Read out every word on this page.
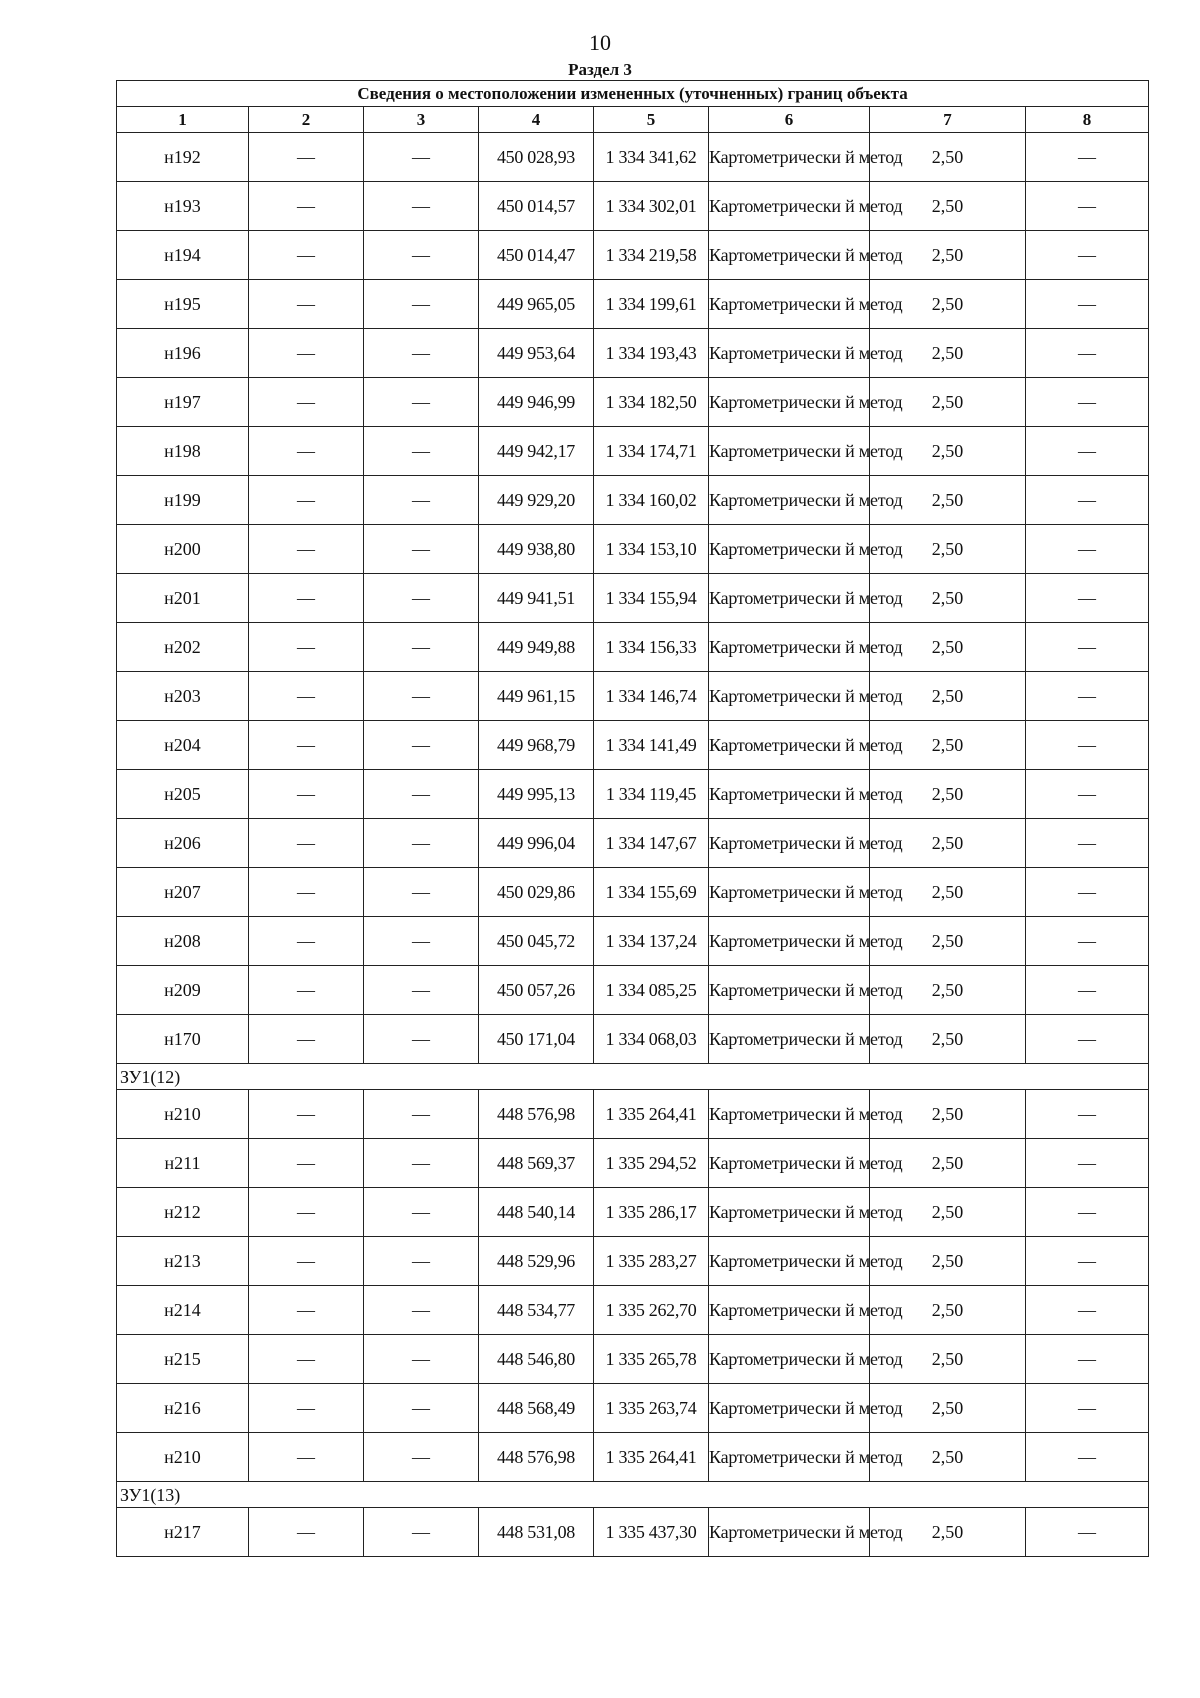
10
Раздел 3
Сведения о местоположении измененных (уточненных) границ объекта							
1	2	3	4	5	6	7	8
н192	—	—	450 028,93	1 334 341,62	Картометрически й метод	2,50	—
н193	—	—	450 014,57	1 334 302,01	Картометрически й метод	2,50	—
н194	—	—	450 014,47	1 334 219,58	Картометрически й метод	2,50	—
н195	—	—	449 965,05	1 334 199,61	Картометрически й метод	2,50	—
н196	—	—	449 953,64	1 334 193,43	Картометрически й метод	2,50	—
н197	—	—	449 946,99	1 334 182,50	Картометрически й метод	2,50	—
н198	—	—	449 942,17	1 334 174,71	Картометрически й метод	2,50	—
н199	—	—	449 929,20	1 334 160,02	Картометрически й метод	2,50	—
н200	—	—	449 938,80	1 334 153,10	Картометрически й метод	2,50	—
н201	—	—	449 941,51	1 334 155,94	Картометрически й метод	2,50	—
н202	—	—	449 949,88	1 334 156,33	Картометрически й метод	2,50	—
н203	—	—	449 961,15	1 334 146,74	Картометрически й метод	2,50	—
н204	—	—	449 968,79	1 334 141,49	Картометрически й метод	2,50	—
н205	—	—	449 995,13	1 334 119,45	Картометрически й метод	2,50	—
н206	—	—	449 996,04	1 334 147,67	Картометрически й метод	2,50	—
н207	—	—	450 029,86	1 334 155,69	Картометрически й метод	2,50	—
н208	—	—	450 045,72	1 334 137,24	Картометрически й метод	2,50	—
н209	—	—	450 057,26	1 334 085,25	Картометрически й метод	2,50	—
н170	—	—	450 171,04	1 334 068,03	Картометрически й метод	2,50	—
ЗУ1(12)							
н210	—	—	448 576,98	1 335 264,41	Картометрически й метод	2,50	—
н211	—	—	448 569,37	1 335 294,52	Картометрически й метод	2,50	—
н212	—	—	448 540,14	1 335 286,17	Картометрически й метод	2,50	—
н213	—	—	448 529,96	1 335 283,27	Картометрически й метод	2,50	—
н214	—	—	448 534,77	1 335 262,70	Картометрически й метод	2,50	—
н215	—	—	448 546,80	1 335 265,78	Картометрически й метод	2,50	—
н216	—	—	448 568,49	1 335 263,74	Картометрически й метод	2,50	—
н210	—	—	448 576,98	1 335 264,41	Картометрически й метод	2,50	—
ЗУ1(13)							
н217	—	—	448 531,08	1 335 437,30	Картометрически й метод	2,50	—
